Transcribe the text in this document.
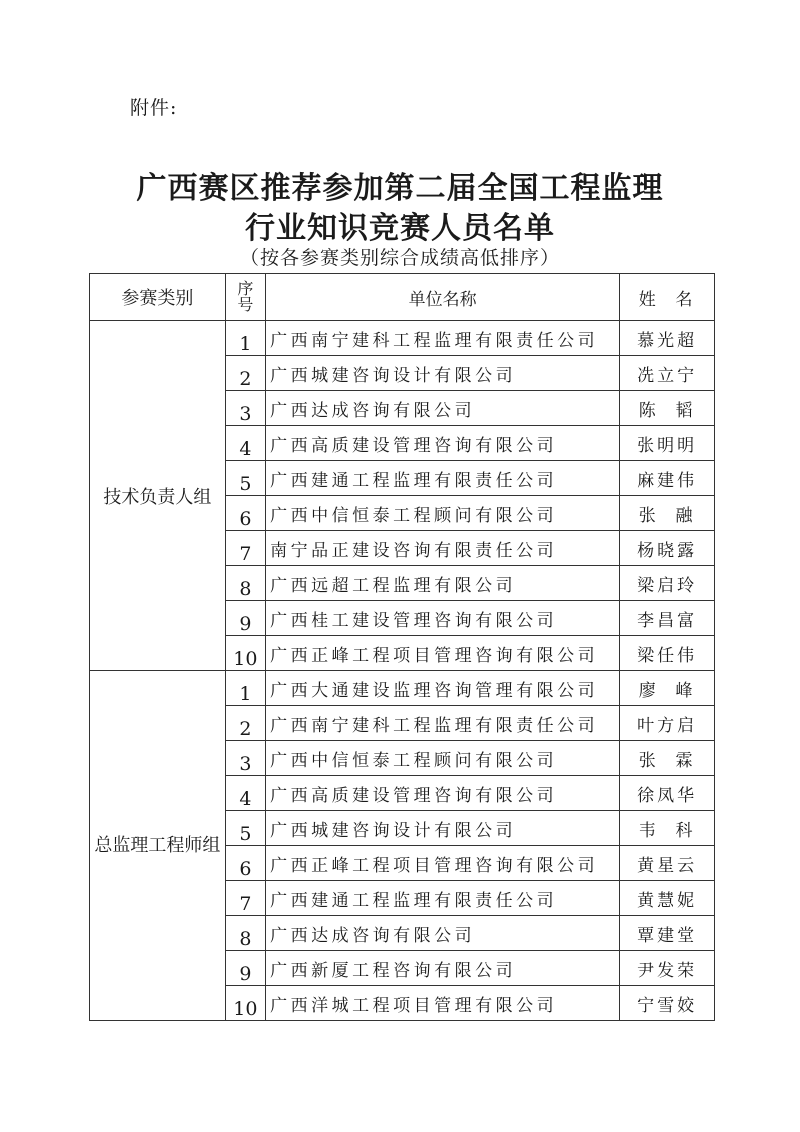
附件:
广西赛区推荐参加第二届全国工程监理
行业知识竞赛人员名单
（按各参赛类别综合成绩高低排序）
参赛类别	序号	单位名称	姓  名
技术负责人组	1	广西南宁建科工程监理有限责任公司	慕光超
	2	广西城建咨询设计有限公司	冼立宁
	3	广西达成咨询有限公司	陈  韬
	4	广西高质建设管理咨询有限公司	张明明
	5	广西建通工程监理有限责任公司	麻建伟
	6	广西中信恒泰工程顾问有限公司	张  融
	7	南宁品正建设咨询有限责任公司	杨晓露
	8	广西远超工程监理有限公司	梁启玲
	9	广西桂工建设管理咨询有限公司	李昌富
	10	广西正峰工程项目管理咨询有限公司	梁任伟
总监理工程师组	1	广西大通建设监理咨询管理有限公司	廖  峰
	2	广西南宁建科工程监理有限责任公司	叶方启
	3	广西中信恒泰工程顾问有限公司	张  霖
	4	广西高质建设管理咨询有限公司	徐凤华
	5	广西城建咨询设计有限公司	韦  科
	6	广西正峰工程项目管理咨询有限公司	黄星云
	7	广西建通工程监理有限责任公司	黄慧妮
	8	广西达成咨询有限公司	覃建堂
	9	广西新厦工程咨询有限公司	尹发荣
	10	广西洋城工程项目管理有限公司	宁雪姣
